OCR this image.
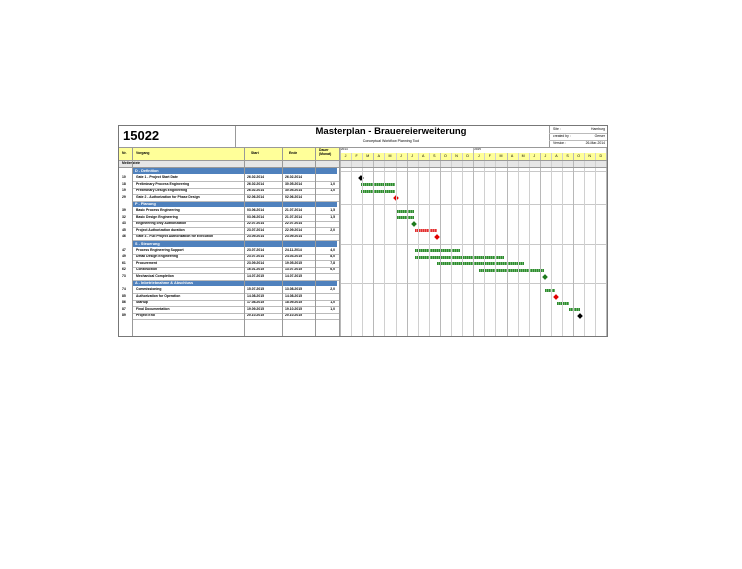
15022	Masterplan - Brauereierweiterung
Conceptual Workflow Planning Tool
Site :	Hamburg
created by :	Oerser
Version :	26-Mar-2014
Nr.	Vorgang	Start	Ende
Dauer (Monat)
2014	2015
J	F	M	A	M	J	J	A	S	O	N	D	J	F	M	A	M	J	J	A	S	O	N	D
Meilenstein
D - Definition
10	Gate 1 - Project Start Date	26.02.2014	26.02.2014
18	Preliminary Process Engineering	26.02.2014	30.05.2014	1,0
19	Preliminary Design Engineering	26.02.2014	30.05.2014	1,0
29	Gate 2 - Authorization for Phase Design	02.06.2014	02.06.2014
P - Planung
39	Basic Process Engineering	03.06.2014	21.07.2014	1,5
32	Basic Design Engineering	03.06.2014	21.07.2014	1,5
43	Engineering only Authorization	22.07.2014	22.07.2014
45	Project Authorization duration	23.07.2014	22.09.2014	2,0
46	Gate 3 - Full Project Authorization for Execution	23.09.2014	23.09.2014
S - Steuerung
47	Process Engineering Support	23.07.2014	24.11.2014	4,0
49	Detail Design Engineering	23.07.2014	24.03.2015	8,0
61	Procurement	23.09.2014	19.05.2015	7,8
62	Construction	16.01.2015	13.07.2015	6,0
73	Mechanical Completion	14.07.2015	14.07.2015
A - Inbetriebnahme & Abschluss
74	Commissioning	15.07.2015	13.08.2015	2,0
85	Authorization for Operation	14.08.2015	14.08.2015
86	Startup	17.08.2015	18.09.2015	1,0
87	Final Documentation	19.09.2015	19.10.2015	1,0
89	Project End	20.10.2015	20.10.2015
